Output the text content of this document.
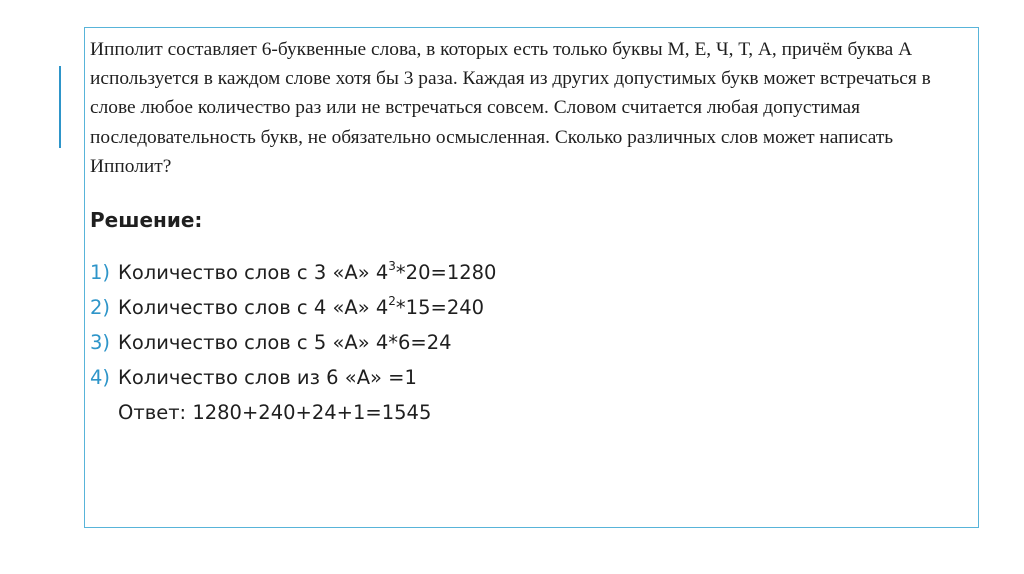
Ипполит составляет 6-буквенные слова, в которых есть только буквы М, Е, Ч, Т, А, причём буква А используется в каждом слове хотя бы 3 раза. Каждая из других допустимых букв может встречаться в слове любое количество раз или не встречаться совсем. Словом считается любая допустимая последовательность букв, не обязательно осмысленная. Сколько различных слов может написать Ипполит?

Решение:

1) Количество слов с 3 «А» $4^3*20=1280$
2) Количество слов с 4 «А» $4^2*15=240$
3) Количество слов с 5 «А» 4*6=24
4) Количество слов из 6 «А» =1
Ответ: 1280+240+24+1=1545
